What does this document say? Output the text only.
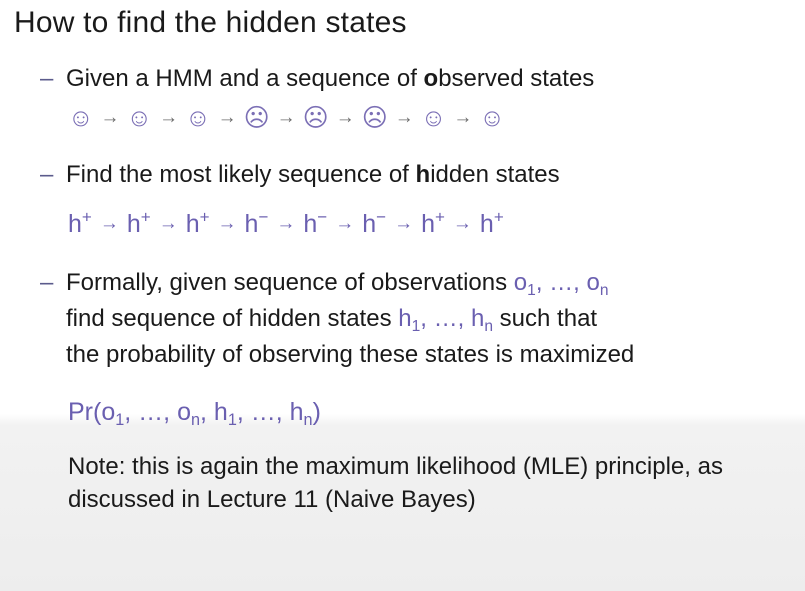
How to find the hidden states
– Given a HMM and a sequence of observed states
☺ → ☺ → ☺ → ☹ → ☹ → ☹ → ☺ → ☺
– Find the most likely sequence of hidden states
h+ → h+ → h+ → h− → h− → h− → h+ → h+
– Formally, given sequence of observations $o_1$, …, $o_n$
find sequence of hidden states $h_1$, …, $h_n$ such that
the probability of observing these states is maximized
$Pr(o_1$, …, $o_n$, $h_1$, …, $h_n$)
Note: this is again the maximum likelihood (MLE) principle, as discussed in Lecture 11 (Naive Bayes)
